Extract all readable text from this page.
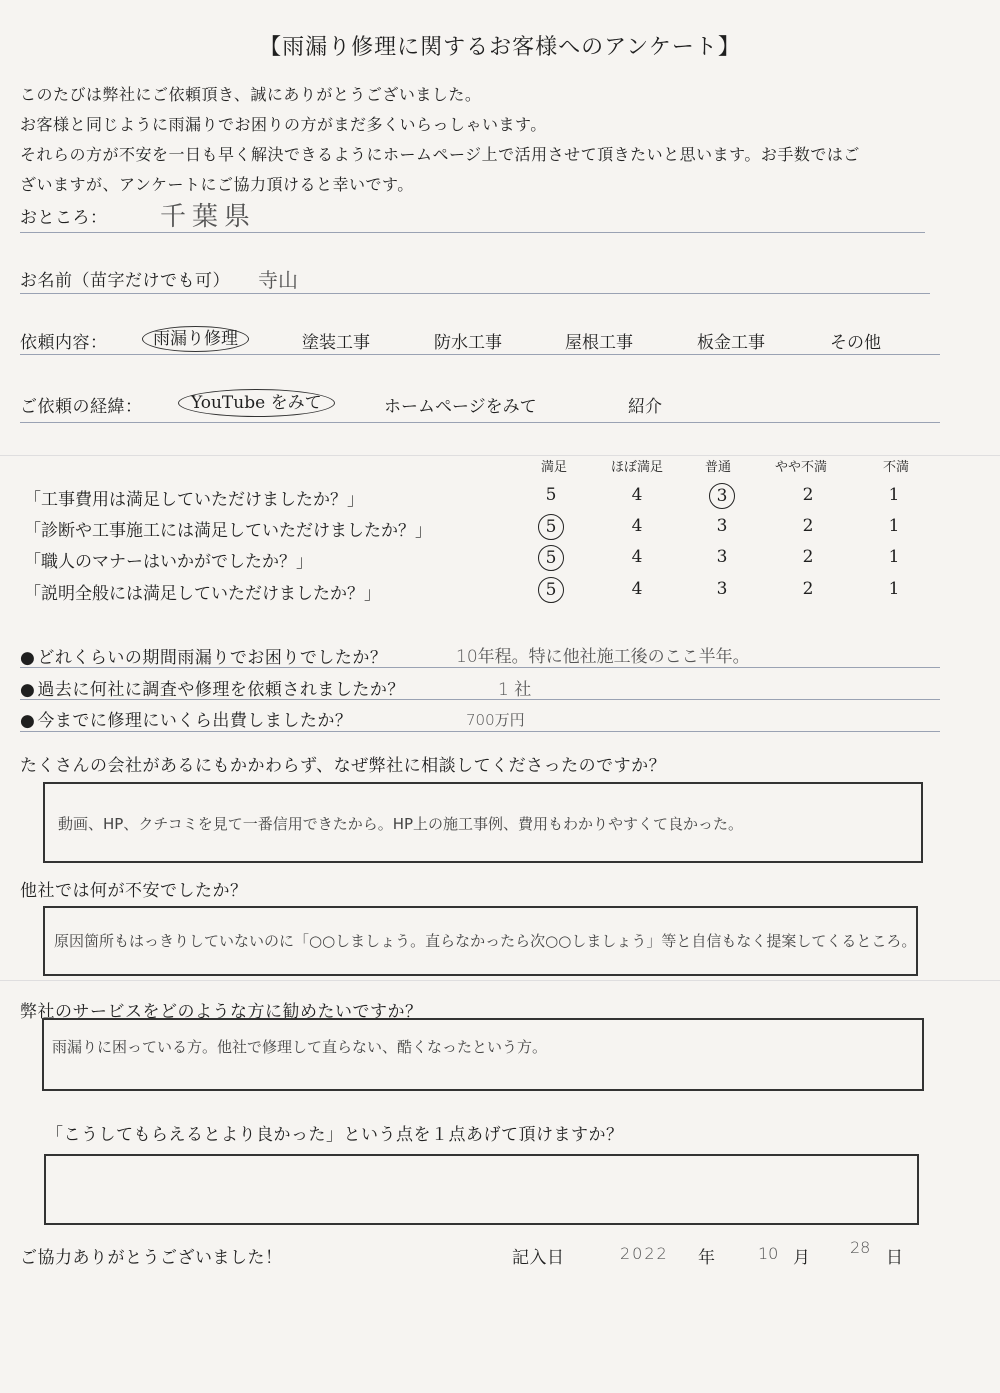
【雨漏り修理に関するお客様へのアンケート】
このたびは弊社にご依頼頂き、誠にありがとうございました。
お客様と同じように雨漏りでお困りの方がまだ多くいらっしゃいます。
それらの方が不安を一日も早く解決できるようにホームページ上で活用させて頂きたいと思います。お手数ではご
ざいますが、アンケートにご協力頂けると幸いです。
おところ： 千葉県
お名前（苗字だけでも可） 寺山
依頼内容：	雨漏り修理	塗装工事	防水工事	屋根工事	板金工事	その他
ご依頼の経緯：	YouTube をみて	ホームページをみて	紹介
満足	ほぼ満足	普通	やや不満	不満
「工事費用は満足していただけましたか？」	5	4	3	2	1
「診断や工事施工には満足していただけましたか？」	5	4	3	2	1
「職人のマナーはいかがでしたか？」	5	4	3	2	1
「説明全般には満足していただけましたか？」	5	4	3	2	1
● どれくらいの期間雨漏りでお困りでしたか？	10年程。特に他社施工後のここ半年。
● 過去に何社に調査や修理を依頼されましたか？	1 社
● 今までに修理にいくら出費しましたか？	700万円
たくさんの会社があるにもかかわらず、なぜ弊社に相談してくださったのですか？
動画、HP、クチコミを見て一番信用できたから。HP上の施工事例、費用もわかりやすくて良かった。
他社では何が不安でしたか？
原因箇所もはっきりしていないのに「○○しましょう。直らなかったら次○○しましょう」等と自信もなく提案してくるところ。
弊社のサービスをどのような方に勧めたいですか？
雨漏りに困っている方。他社で修理して直らない、酷くなったという方。
「こうしてもらえるとより良かった」という点を１点あげて頂けますか？
ご協力ありがとうございました！	記入日	2022 年	10 月
28
日
